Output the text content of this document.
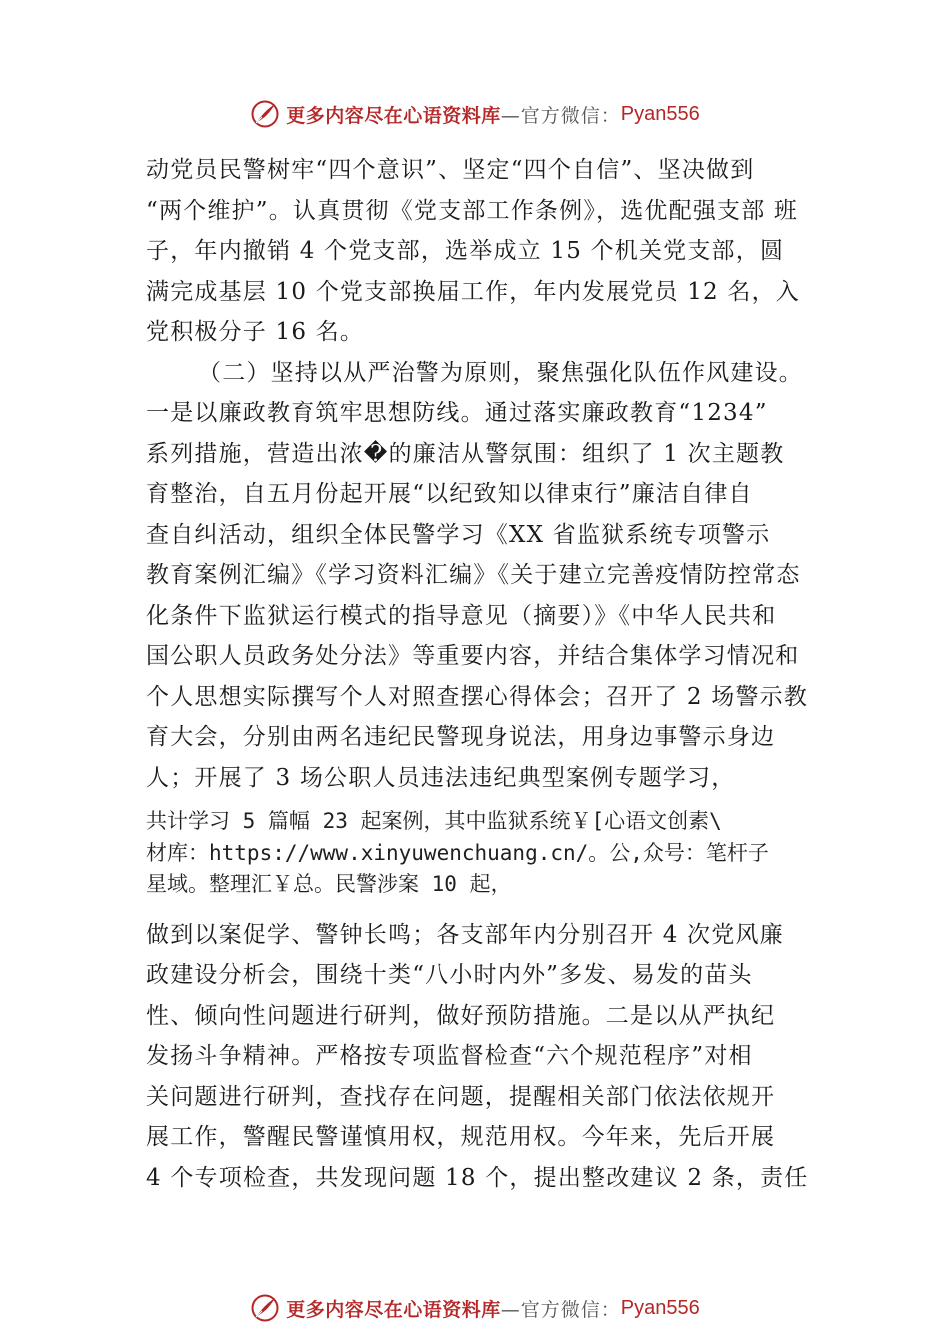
更多内容尽在心语资料库 —官方微信： Pyan556
动党员民警树牢“四个意识”、坚定“四个自信”、坚决做到
“两个维护”。认真贯彻《党支部工作条例》，选优配强支部 班
子，年内撤销 4 个党支部，选举成立 15 个机关党支部，圆
满完成基层 10 个党支部换届工作，年内发展党员 12 名，入
党积极分子 16 名。
（二）坚持以从严治警为原则，聚焦强化队伍作风建设。
一是以廉政教育筑牢思想防线。通过落实廉政教育“1234”
系列措施，营造出浓�的廉洁从警氛围：组织了 1 次主题教
育整治，自五月份起开展“以纪致知以律束行”廉洁自律自
查自纠活动，组织全体民警学习《XX 省监狱系统专项警示
教育案例汇编》《学习资料汇编》《关于建立完善疫情防控常态
化条件下监狱运行模式的指导意见（摘要）》《中华人民共和
国公职人员政务处分法》等重要内容，并结合集体学习情况和
个人思想实际撰写个人对照查摆心得体会；召开了 2 场警示教
育大会，分别由两名违纪民警现身说法，用身边事警示身边
人；开展了 3 场公职人员违法违纪典型案例专题学习，
共计学习 5 篇幅 23 起案例，其中监狱系统￥[心语文创素\
材库：https://www.xinyuwenchuang.cn/。公,众号：笔杆子
星域。整理汇￥总。民警涉案 10 起，
做到以案促学、警钟长鸣；各支部年内分别召开 4 次党风廉
政建设分析会，围绕十类“八小时内外”多发、易发的苗头
性、倾向性问题进行研判，做好预防措施。二是以从严执纪
发扬斗争精神。严格按专项监督检查“六个规范程序”对相
关问题进行研判，查找存在问题，提醒相关部门依法依规开
展工作，警醒民警谨慎用权，规范用权。今年来，先后开展
4 个专项检查，共发现问题 18 个，提出整改建议 2 条，责任
更多内容尽在心语资料库 —官方微信： Pyan556
